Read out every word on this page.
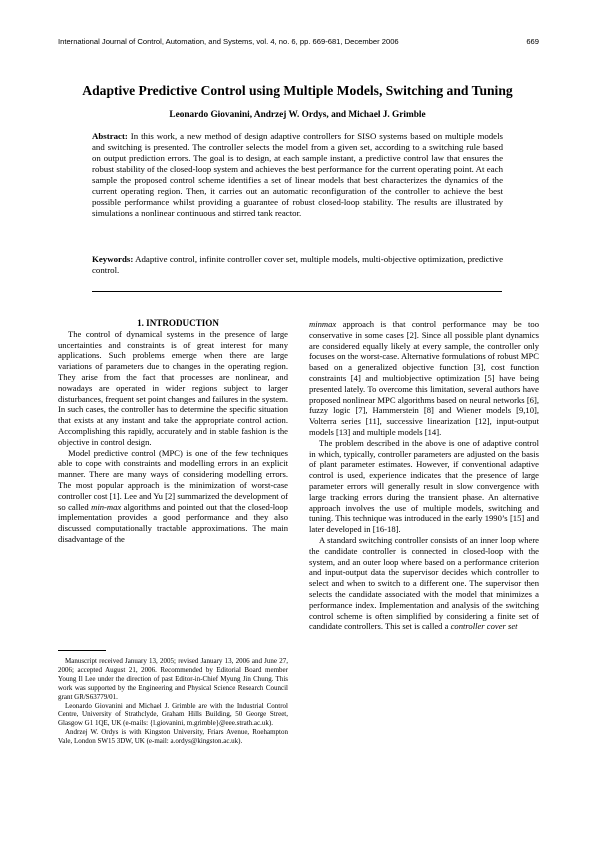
International Journal of Control, Automation, and Systems, vol. 4, no. 6, pp. 669-681, December 2006	669
Adaptive Predictive Control using Multiple Models, Switching and Tuning

Leonardo Giovanini, Andrzej W. Ordys, and Michael J. Grimble

Abstract: In this work, a new method of design adaptive controllers for SISO systems based on multiple models and switching is presented. The controller selects the model from a given set, according to a switching rule based on output prediction errors. The goal is to design, at each sample instant, a predictive control law that ensures the robust stability of the closed-loop system and achieves the best performance for the current operating point. At each sample the proposed control scheme identifies a set of linear models that best characterizes the dynamics of the current operating region. Then, it carries out an automatic reconfiguration of the controller to achieve the best possible performance whilst providing a guarantee of robust closed-loop stability. The results are illustrated by simulations a nonlinear continuous and stirred tank reactor.

Keywords: Adaptive control, infinite controller cover set, multiple models, multi-objective optimization, predictive control.

1. INTRODUCTION

The control of dynamical systems in the presence of large uncertainties and constraints is of great interest for many applications. Such problems emerge when there are large variations of parameters due to changes in the operating region. They arise from the fact that processes are nonlinear, and nowadays are operated in wider regions subject to larger disturbances, frequent set point changes and failures in the system. In such cases, the controller has to determine the specific situation that exists at any instant and take the appropriate control action. Accomplishing this rapidly, accurately and in stable fashion is the objective in control design.

Model predictive control (MPC) is one of the few techniques able to cope with constraints and modelling errors in an explicit manner. There are many ways of considering modelling errors. The most popular approach is the minimization of worst-case controller cost [1]. Lee and Yu [2] summarized the development of so called min-max algorithms and pointed out that the closed-loop implementation provides a good performance and they also discussed computationally tractable approximations. The main disadvantage of the

minmax approach is that control performance may be too conservative in some cases [2]. Since all possible plant dynamics are considered equally likely at every sample, the controller only focuses on the worst-case. Alternative formulations of robust MPC based on a generalized objective function [3], cost function constraints [4] and multiobjective optimization [5] have being presented lately. To overcome this limitation, several authors have proposed nonlinear MPC algorithms based on neural networks [6], fuzzy logic [7], Hammerstein [8] and Wiener models [9,10], Volterra series [11], successive linearization [12], input-output models [13] and multiple models [14].

The problem described in the above is one of adaptive control in which, typically, controller parameters are adjusted on the basis of plant parameter estimates. However, if conventional adaptive control is used, experience indicates that the presence of large parameter errors will generally result in slow convergence with large tracking errors during the transient phase. An alternative approach involves the use of multiple models, switching and tuning. This technique was introduced in the early 1990’s [15] and later developed in [16-18].

A standard switching controller consists of an inner loop where the candidate controller is connected in closed-loop with the system, and an outer loop where based on a performance criterion and input-output data the supervisor decides which controller to select and when to switch to a different one. The supervisor then selects the candidate associated with the model that minimizes a performance index. Implementation and analysis of the switching control scheme is often simplified by considering a finite set of candidate controllers. This set is called a controller cover set

Manuscript received January 13, 2005; revised January 13, 2006 and June 27, 2006; accepted August 21, 2006. Recommended by Editorial Board member Young Il Lee under the direction of past Editor-in-Chief Myung Jin Chung. This work was supported by the Engineering and Physical Science Research Council grant GR/S63779/01.

Leonardo Giovanini and Michael J. Grimble are with the Industrial Control Centre, University of Strathclyde, Graham Hills Building, 50 George Street, Glasgow G1 1QE, UK (e-mails: {l.giovanini, m.grimble}@eee.strath.ac.uk).

Andrzej W. Ordys is with Kingston University, Friars Avenue, Roehampton Vale, London SW15 3DW, UK (e-mail: a.ordys@kingston.ac.uk).
